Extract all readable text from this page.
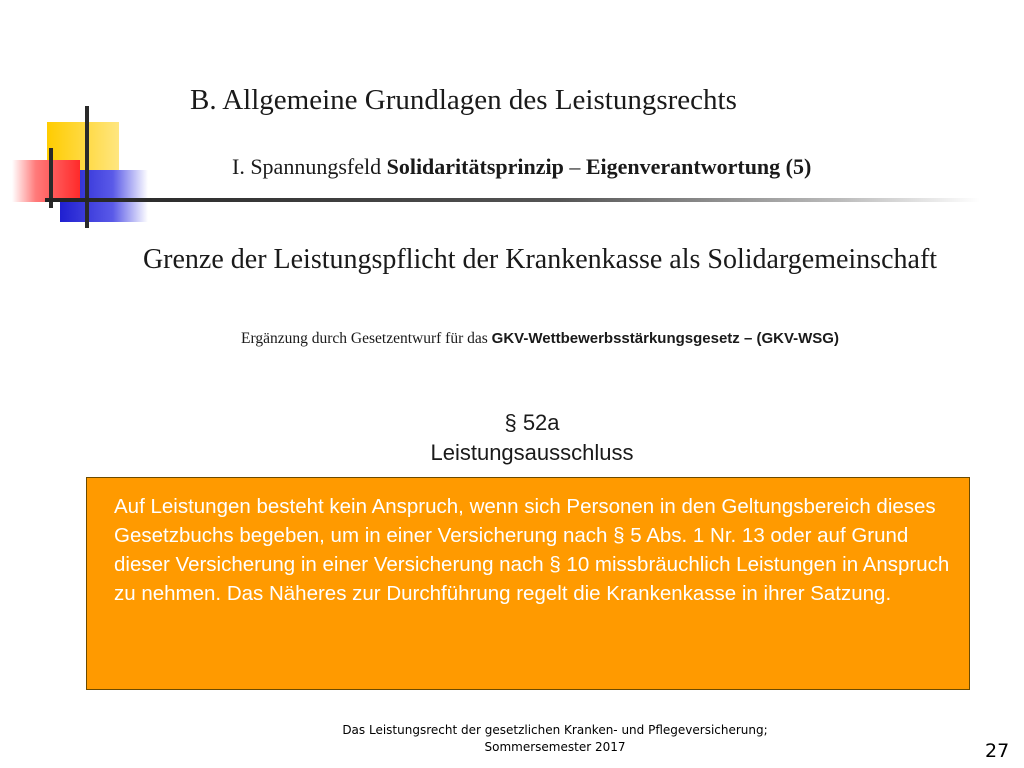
B. Allgemeine Grundlagen des Leistungsrechts

I. Spannungsfeld Solidaritätsprinzip – Eigenverantwortung (5)

Grenze der Leistungspflicht der Krankenkasse als Solidargemeinschaft
Ergänzung durch Gesetzentwurf für das GKV-Wettbewerbsstärkungsgesetz – (GKV-WSG)
§ 52a
Leistungsausschluss
Auf Leistungen besteht kein Anspruch, wenn sich Personen in den Geltungsbereich dieses Gesetzbuchs begeben, um in einer Versicherung nach § 5 Abs. 1 Nr. 13 oder auf Grund dieser Versicherung in einer Versicherung nach § 10 missbräuchlich Leistungen in Anspruch zu nehmen. Das Näheres zur Durchführung regelt die Krankenkasse in ihrer Satzung.
Das Leistungsrecht der gesetzlichen Kranken- und Pflegeversicherung;
Sommersemester 2017	27
